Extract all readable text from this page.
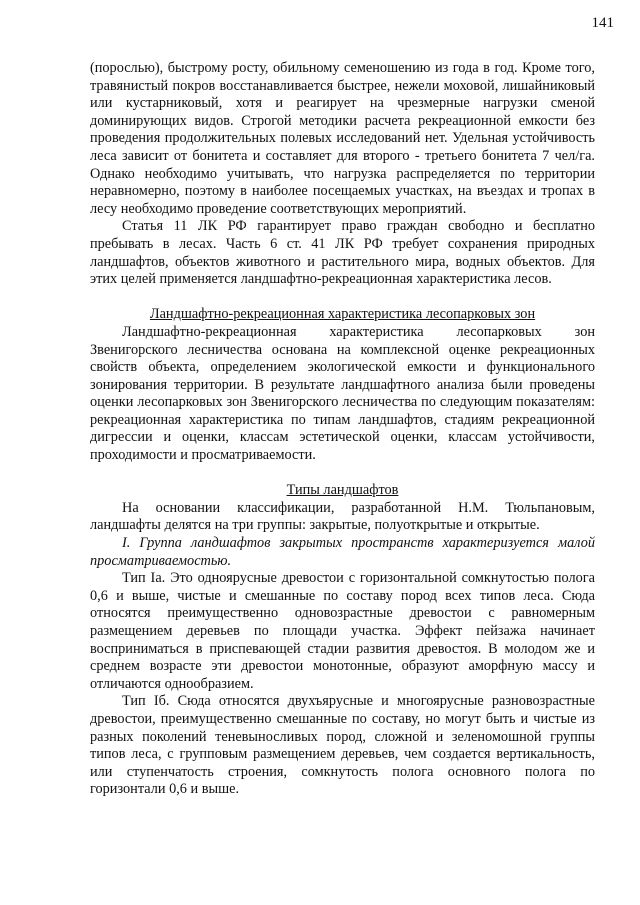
141

(порослью), быстрому росту, обильному семеношению из года в год. Кроме того, травянистый покров восстанавливается быстрее, нежели моховой, лишайниковый или кустарниковый, хотя и реагирует на чрезмерные нагрузки сменой доминирующих видов. Строгой методики расчета рекреационной емкости без проведения продолжительных полевых исследований нет. Удельная устойчивость леса зависит от бонитета и составляет для второго - третьего бонитета 7 чел/га. Однако необходимо учитывать, что нагрузка распределяется по территории неравномерно, поэтому в наиболее посещаемых участках, на въездах и тропах в лесу необходимо проведение соответствующих мероприятий.

Статья 11 ЛК РФ гарантирует право граждан свободно и бесплатно пребывать в лесах. Часть 6 ст. 41 ЛК РФ требует сохранения природных ландшафтов, объектов животного и растительного мира, водных объектов. Для этих целей применяется ландшафтно-рекреационная характеристика лесов.

Ландшафтно-рекреационная характеристика лесопарковых зон

Ландшафтно-рекреационная характеристика лесопарковых зон Звенигорского лесничества основана на комплексной оценке рекреационных свойств объекта, определением экологической емкости и функционального зонирования территории. В результате ландшафтного анализа были проведены оценки лесопарковых зон Звенигорского лесничества по следующим показателям: рекреационная характеристика по типам ландшафтов, стадиям рекреационной дигрессии и оценки, классам эстетической оценки, классам устойчивости, проходимости и просматриваемости.

Типы ландшафтов

На основании классификации, разработанной Н.М. Тюльпановым, ландшафты делятся на три группы: закрытые, полуоткрытые и открытые.

I. Группа ландшафтов закрытых пространств характеризуется малой просматриваемостью.

Тип Iа. Это одноярусные древостои с горизонтальной сомкнутостью полога 0,6 и выше, чистые и смешанные по составу пород всех типов леса. Сюда относятся преимущественно одновозрастные древостои с равномерным размещением деревьев по площади участка. Эффект пейзажа начинает восприниматься в приспевающей стадии развития древостоя. В молодом же и среднем возрасте эти древостои монотонные, образуют аморфную массу и отличаются однообразием.

Тип Iб. Сюда относятся двухъярусные и многоярусные разновозрастные древостои, преимущественно смешанные по составу, но могут быть и чистые из разных поколений теневыносливых пород, сложной и зеленомошной группы типов леса, с групповым размещением деревьев, чем создается вертикальность, или ступенчатость строения, сомкнутость полога основного полога по горизонтали 0,6 и выше.
